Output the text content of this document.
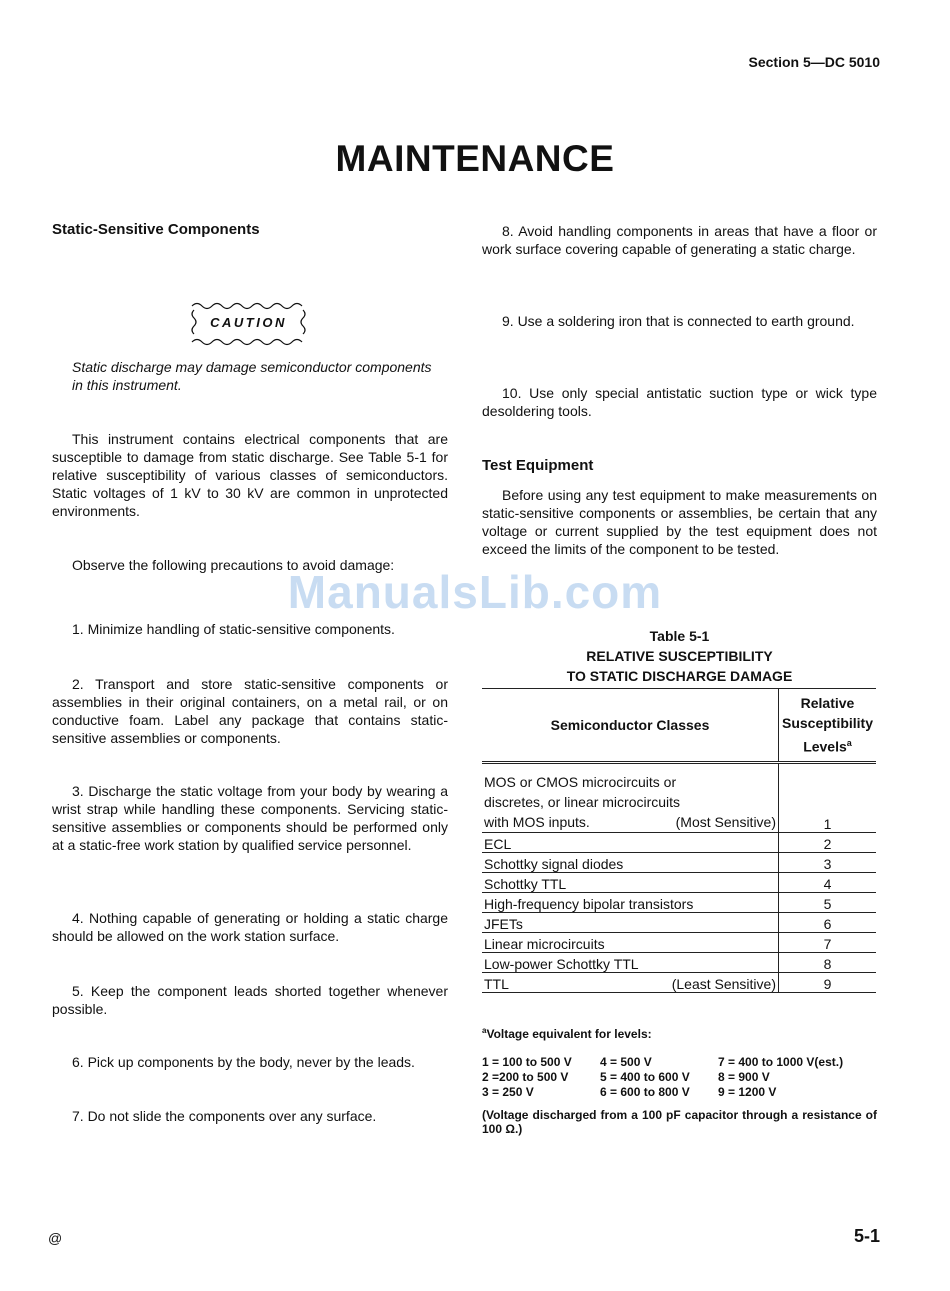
Section 5—DC 5010
MAINTENANCE
Static-Sensitive Components
CAUTION

Static discharge may damage semiconductor components in this instrument.

This instrument contains electrical components that are susceptible to damage from static discharge. See Table 5-1 for relative susceptibility of various classes of semiconductors. Static voltages of 1 kV to 30 kV are common in unprotected environments.

Observe the following precautions to avoid damage:

1. Minimize handling of static-sensitive components.

2. Transport and store static-sensitive components or assemblies in their original containers, on a metal rail, or on conductive foam. Label any package that contains static-sensitive assemblies or components.

3. Discharge the static voltage from your body by wearing a wrist strap while handling these components. Servicing static-sensitive assemblies or components should be performed only at a static-free work station by qualified service personnel.

4. Nothing capable of generating or holding a static charge should be allowed on the work station surface.

5. Keep the component leads shorted together whenever possible.

6. Pick up components by the body, never by the leads.

7. Do not slide the components over any surface.

8. Avoid handling components in areas that have a floor or work surface covering capable of generating a static charge.

9. Use a soldering iron that is connected to earth ground.

10. Use only special antistatic suction type or wick type desoldering tools.

Test Equipment

Before using any test equipment to make measurements on static-sensitive components or assemblies, be certain that any voltage or current supplied by the test equipment does not exceed the limits of the component to be tested.

ManualsLib.com
Table 5-1
RELATIVE SUSCEPTIBILITY
TO STATIC DISCHARGE DAMAGE
Semiconductor Classes	Relative
Susceptibility
Levels$^a$

MOS or CMOS microcircuits or
discretes, or linear microcircuits
with MOS inputs. (Most Sensitive)	1

ECL	2

Schottky signal diodes	3

Schottky TTL	4

High-frequency bipolar transistors	5

JFETs	6

Linear microcircuits	7

Low-power Schottky TTL	8

TTL (Least Sensitive)	9
$^a$Voltage equivalent for levels:
1 = 100 to 500 V 4 = 500 V	7 = 400 to 1000 V(est.)
2 =200 to 500 V	5 = 400 to 600 V 8 = 900 V
3 = 250 V	6 = 600 to 800 V 9 = 1200 V

(Voltage discharged from a 100 pF capacitor through a resistance of 100 Ω.)

@	5-1
